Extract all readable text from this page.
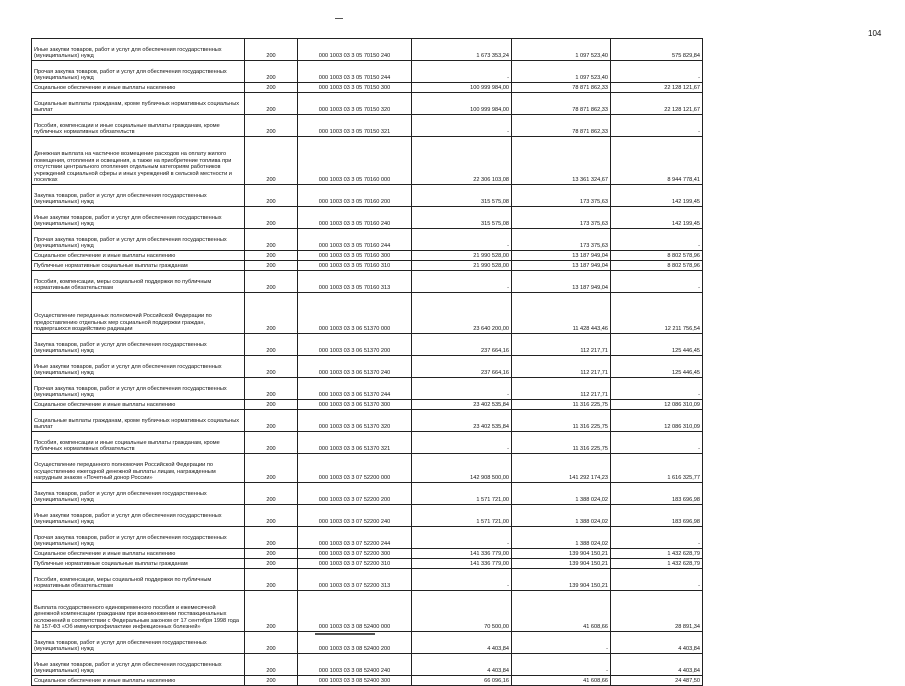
104
Иные закупки товаров, работ и услуг для обеспечения государственных (муниципальных) нужд	200	000 1003 03 3 05 70150 240	1 673 353,24	1 097 523,40	575 829,84
Прочая закупка товаров, работ и услуг для обеспечения государственных (муниципальных) нужд	200	000 1003 03 3 05 70150 244	-	1 097 523,40	-
Социальное обеспечение и иные выплаты населению	200	000 1003 03 3 05 70150 300	100 999 984,00	78 871 862,33	22 128 121,67
Социальные выплаты гражданам, кроме публичных нормативных социальных выплат	200	000 1003 03 3 05 70150 320	100 999 984,00	78 871 862,33	22 128 121,67
Пособия, компенсации и иные социальные выплаты гражданам, кроме публичных нормативных обязательств	200	000 1003 03 3 05 70150 321	-	78 871 862,33	-
Денежная выплата на частичное возмещение расходов на оплату жилого помещения, отопления и освещения, а также на приобретение топлива при отсутствии центрального отопления отдельным категориям работников учреждений социальной сферы и иных учреждений в сельской местности и поселках	200	000 1003 03 3 05 70160 000	22 306 103,08	13 361 324,67	8 944 778,41
Закупка товаров, работ и услуг для обеспечения государственных (муниципальных) нужд	200	000 1003 03 3 05 70160 200	315 575,08	173 375,63	142 199,45
Иные закупки товаров, работ и услуг для обеспечения государственных (муниципальных) нужд	200	000 1003 03 3 05 70160 240	315 575,08	173 375,63	142 199,45
Прочая закупка товаров, работ и услуг для обеспечения государственных (муниципальных) нужд	200	000 1003 03 3 05 70160 244	-	173 375,63	-
Социальное обеспечение и иные выплаты населению	200	000 1003 03 3 05 70160 300	21 990 528,00	13 187 949,04	8 802 578,96
Публичные нормативные социальные выплаты гражданам	200	000 1003 03 3 05 70160 310	21 990 528,00	13 187 949,04	8 802 578,96
Пособия, компенсации, меры социальной поддержки по публичным нормативным обязательствам	200	000 1003 03 3 05 70160 313	-	13 187 949,04	-
Осуществление переданных полномочий Российской Федерации по предоставлению отдельных мер социальной поддержки граждан, подвергшихся воздействию радиации	200	000 1003 03 3 06 51370 000	23 640 200,00	11 428 443,46	12 211 756,54
Закупка товаров, работ и услуг для обеспечения государственных (муниципальных) нужд	200	000 1003 03 3 06 51370 200	237 664,16	112 217,71	125 446,45
Иные закупки товаров, работ и услуг для обеспечения государственных (муниципальных) нужд	200	000 1003 03 3 06 51370 240	237 664,16	112 217,71	125 446,45
Прочая закупка товаров, работ и услуг для обеспечения государственных (муниципальных) нужд	200	000 1003 03 3 06 51370 244	-	112 217,71	-
Социальное обеспечение и иные выплаты населению	200	000 1003 03 3 06 51370 300	23 402 535,84	11 316 225,75	12 086 310,09
Социальные выплаты гражданам, кроме публичных нормативных социальных выплат	200	000 1003 03 3 06 51370 320	23 402 535,84	11 316 225,75	12 086 310,09
Пособия, компенсации и иные социальные выплаты гражданам, кроме публичных нормативных обязательств	200	000 1003 03 3 06 51370 321	-	11 316 225,75	-
Осуществление переданного полномочия Российской Федерации по осуществлению ежегодной денежной выплаты лицам, награжденным нагрудным знаком «Почетный донор России»	200	000 1003 03 3 07 52200 000	142 908 500,00	141 292 174,23	1 616 325,77
Закупка товаров, работ и услуг для обеспечения государственных (муниципальных) нужд	200	000 1003 03 3 07 52200 200	1 571 721,00	1 388 024,02	183 696,98
Иные закупки товаров, работ и услуг для обеспечения государственных (муниципальных) нужд	200	000 1003 03 3 07 52200 240	1 571 721,00	1 388 024,02	183 696,98
Прочая закупка товаров, работ и услуг для обеспечения государственных (муниципальных) нужд	200	000 1003 03 3 07 52200 244	-	1 388 024,02	-
Социальное обеспечение и иные выплаты населению	200	000 1003 03 3 07 52200 300	141 336 779,00	139 904 150,21	1 432 628,79
Публичные нормативные социальные выплаты гражданам	200	000 1003 03 3 07 52200 310	141 336 779,00	139 904 150,21	1 432 628,79
Пособия, компенсации, меры социальной поддержки по публичным нормативным обязательствам	200	000 1003 03 3 07 52200 313	-	139 904 150,21	-
Выплата государственного единовременного пособия и ежемесячной денежной компенсации гражданам при возникновении поствакцинальных осложнений в соответствии с Федеральным законом от 17 сентября 1998 года № 157-ФЗ «Об иммунопрофилактике инфекционных болезней»	200	000 1003 03 3 08 52400 000	70 500,00	41 608,66	28 891,34
Закупка товаров, работ и услуг для обеспечения государственных (муниципальных) нужд	200	000 1003 03 3 08 52400 200	4 403,84	-	4 403,84
Иные закупки товаров, работ и услуг для обеспечения государственных (муниципальных) нужд	200	000 1003 03 3 08 52400 240	4 403,84	-	4 403,84
Социальное обеспечение и иные выплаты населению	200	000 1003 03 3 08 52400 300	66 096,16	41 608,66	24 487,50
